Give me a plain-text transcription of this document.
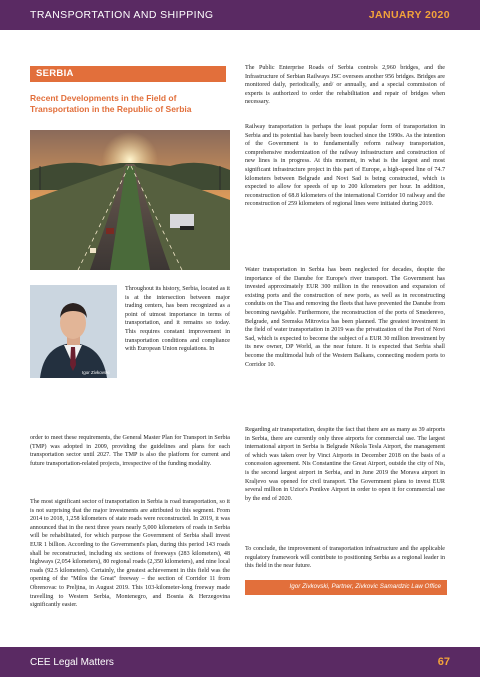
TRANSPORTATION AND SHIPPING	JANUARY 2020
SERBIA
Recent Developments in the Field of Transportation in the Republic of Serbia
Igor Zivkovski

Throughout its history, Serbia, located as it is at the intersection between major trading centers, has been recognized as a point of utmost importance in terms of transportation, and it remains so today. This requires constant improvement in transportation conditions and compliance with European Union regulations. In

order to meet these requirements, the General Master Plan for Transport in Serbia (TMP) was adopted in 2009, providing the guidelines and plans for each transportation sector until 2027. The TMP is also the platform for current and future transportation-related projects, irrespective of the funding modality.

The most significant sector of transportation in Serbia is road transportation, so it is not surprising that the major investments are attributed to this segment. From 2014 to 2018, 1,258 kilometers of state roads were reconstructed. In 2019, it was announced that in the next three years nearly 5,000 kilometers of roads in Serbia will be rehabilitated, for which purpose the Government of Serbia shall invest EUR 1 billion. According to the Government's plan, during this period 143 roads shall be reconstructed, including six sections of freeways (283 kilometers), 48 highways (2,054 kilometers), 80 regional roads (2,350 kilometers), and nine local roads (92.5 kilometers). Certainly, the greatest achievement in this field was the opening of the "Milos the Great" freeway – the section of Corridor 11 from Obrenovac to Preljina, in August 2019. This 103-kilometer-long freeway made travelling to Western Serbia, Montenegro, and Bosnia & Herzegovina significantly easier.

The Public Enterprise Roads of Serbia controls 2,960 bridges, and the Infrastructure of Serbian Railways JSC oversees another 956 bridges. Bridges are monitored daily, periodically, and/ or annually, and a special commission of experts is authorized to order the rehabilitation and repair of bridges when necessary.

Railway transportation is perhaps the least popular form of transportation in Serbia and its potential has barely been touched since the 1990s. As the intention of the Government is to fundamentally reform railway transportation, comprehensive modernization of the railway infrastructure and construction of new lines is in progress. At this moment, in what is the largest and most significant infrastructure project in this part of Europe, a high-speed line of 74.7 kilometers between Belgrade and Novi Sad is being constructed, which is expected to allow for speeds of up to 200 kilometers per hour. In addition, reconstruction of 68.8 kilometers of the international Corridor 10 railway and the reconstruction of 259 kilometers of regional lines were initiated during 2019.

Water transportation in Serbia has been neglected for decades, despite the importance of the Danube for Europe's river transport. The Government has invested approximately EUR 300 million in the renovation and expansion of existing ports and the construction of new ports, as well as in reconstructing conduits on the Tisa and removing the fleets that have prevented the Danube from becoming navigable. Furthermore, the reconstruction of the ports of Smederevo, Belgrade, and Sremska Mitrovica has been planned. The greatest investment in the field of water transportation in 2019 was the privatization of the Port of Novi Sad, which is expected to become the subject of a EUR 30 million investment by its new owner, DP World, as the near future. It is expected that Serbia shall become the multimodal hub of the Western Balkans, connecting modern ports to Corridor 10.

Regarding air transportation, despite the fact that there are as many as 39 airports in Serbia, there are currently only three airports for commercial use. The largest international airport in Serbia is Belgrade Nikola Tesla Airport, the management of which was taken over by Vinci Airports in December 2018 on the basis of a concession agreement. Nis Constantine the Great Airport, outside the city of Nis, is the second largest airport in Serbia, and in June 2019 the Morava airport in Kraljevo was opened for civil transport. The Government plans to invest EUR several million in Uzice's Ponikve Airport in order to open it for commercial use by the end of 2020.

To conclude, the improvement of transportation infrastructure and the applicable regulatory framework will contribute to positioning Serbia as a regional leader in this field in the near future.

Igor Zivkovski, Partner, Zivkovic Samardzic Law Office
CEE Legal Matters	67
